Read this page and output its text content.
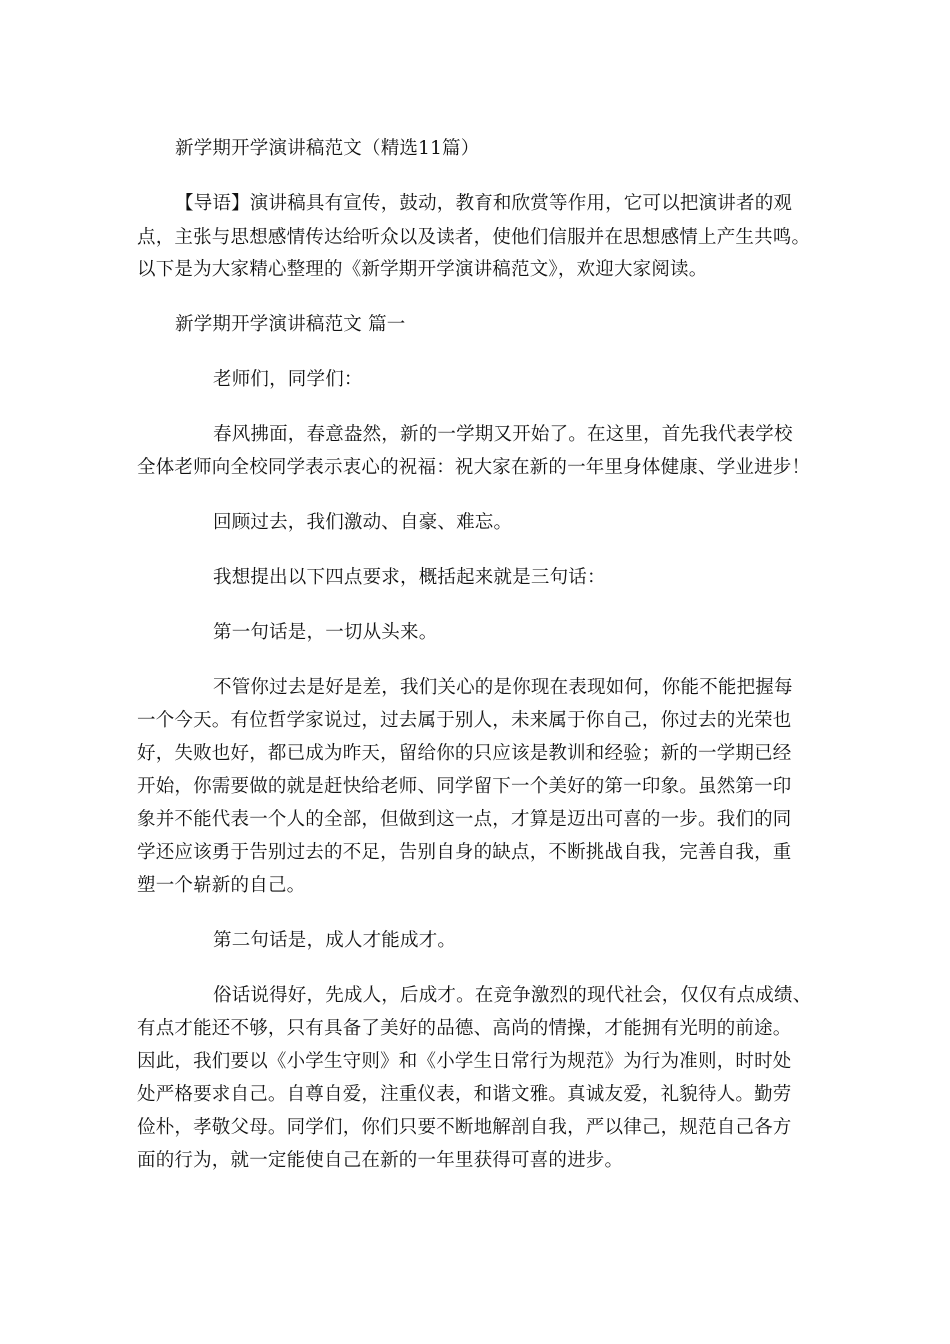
新学期开学演讲稿范文（精选11篇）
【导语】演讲稿具有宣传，鼓动，教育和欣赏等作用，它可以把演讲者的观
点，主张与思想感情传达给听众以及读者，使他们信服并在思想感情上产生共鸣。
以下是为大家精心整理的《新学期开学演讲稿范文》，欢迎大家阅读。
新学期开学演讲稿范文 篇一
老师们，同学们：
春风拂面，春意盎然，新的一学期又开始了。在这里，首先我代表学校
全体老师向全校同学表示衷心的祝福：祝大家在新的一年里身体健康、学业进步！
回顾过去，我们激动、自豪、难忘。
我想提出以下四点要求，概括起来就是三句话：
第一句话是，一切从头来。
不管你过去是好是差，我们关心的是你现在表现如何，你能不能把握每
一个今天。有位哲学家说过，过去属于别人，未来属于你自己，你过去的光荣也
好，失败也好，都已成为昨天，留给你的只应该是教训和经验；新的一学期已经
开始，你需要做的就是赶快给老师、同学留下一个美好的第一印象。虽然第一印
象并不能代表一个人的全部，但做到这一点，才算是迈出可喜的一步。我们的同
学还应该勇于告别过去的不足，告别自身的缺点，不断挑战自我，完善自我，重
塑一个崭新的自己。
第二句话是，成人才能成才。
俗话说得好，先成人，后成才。在竞争激烈的现代社会，仅仅有点成绩、
有点才能还不够，只有具备了美好的品德、高尚的情操，才能拥有光明的前途。
因此，我们要以《小学生守则》和《小学生日常行为规范》为行为准则，时时处
处严格要求自己。自尊自爱，注重仪表，和谐文雅。真诚友爱，礼貌待人。勤劳
俭朴，孝敬父母。同学们，你们只要不断地解剖自我，严以律己，规范自己各方
面的行为，就一定能使自己在新的一年里获得可喜的进步。
